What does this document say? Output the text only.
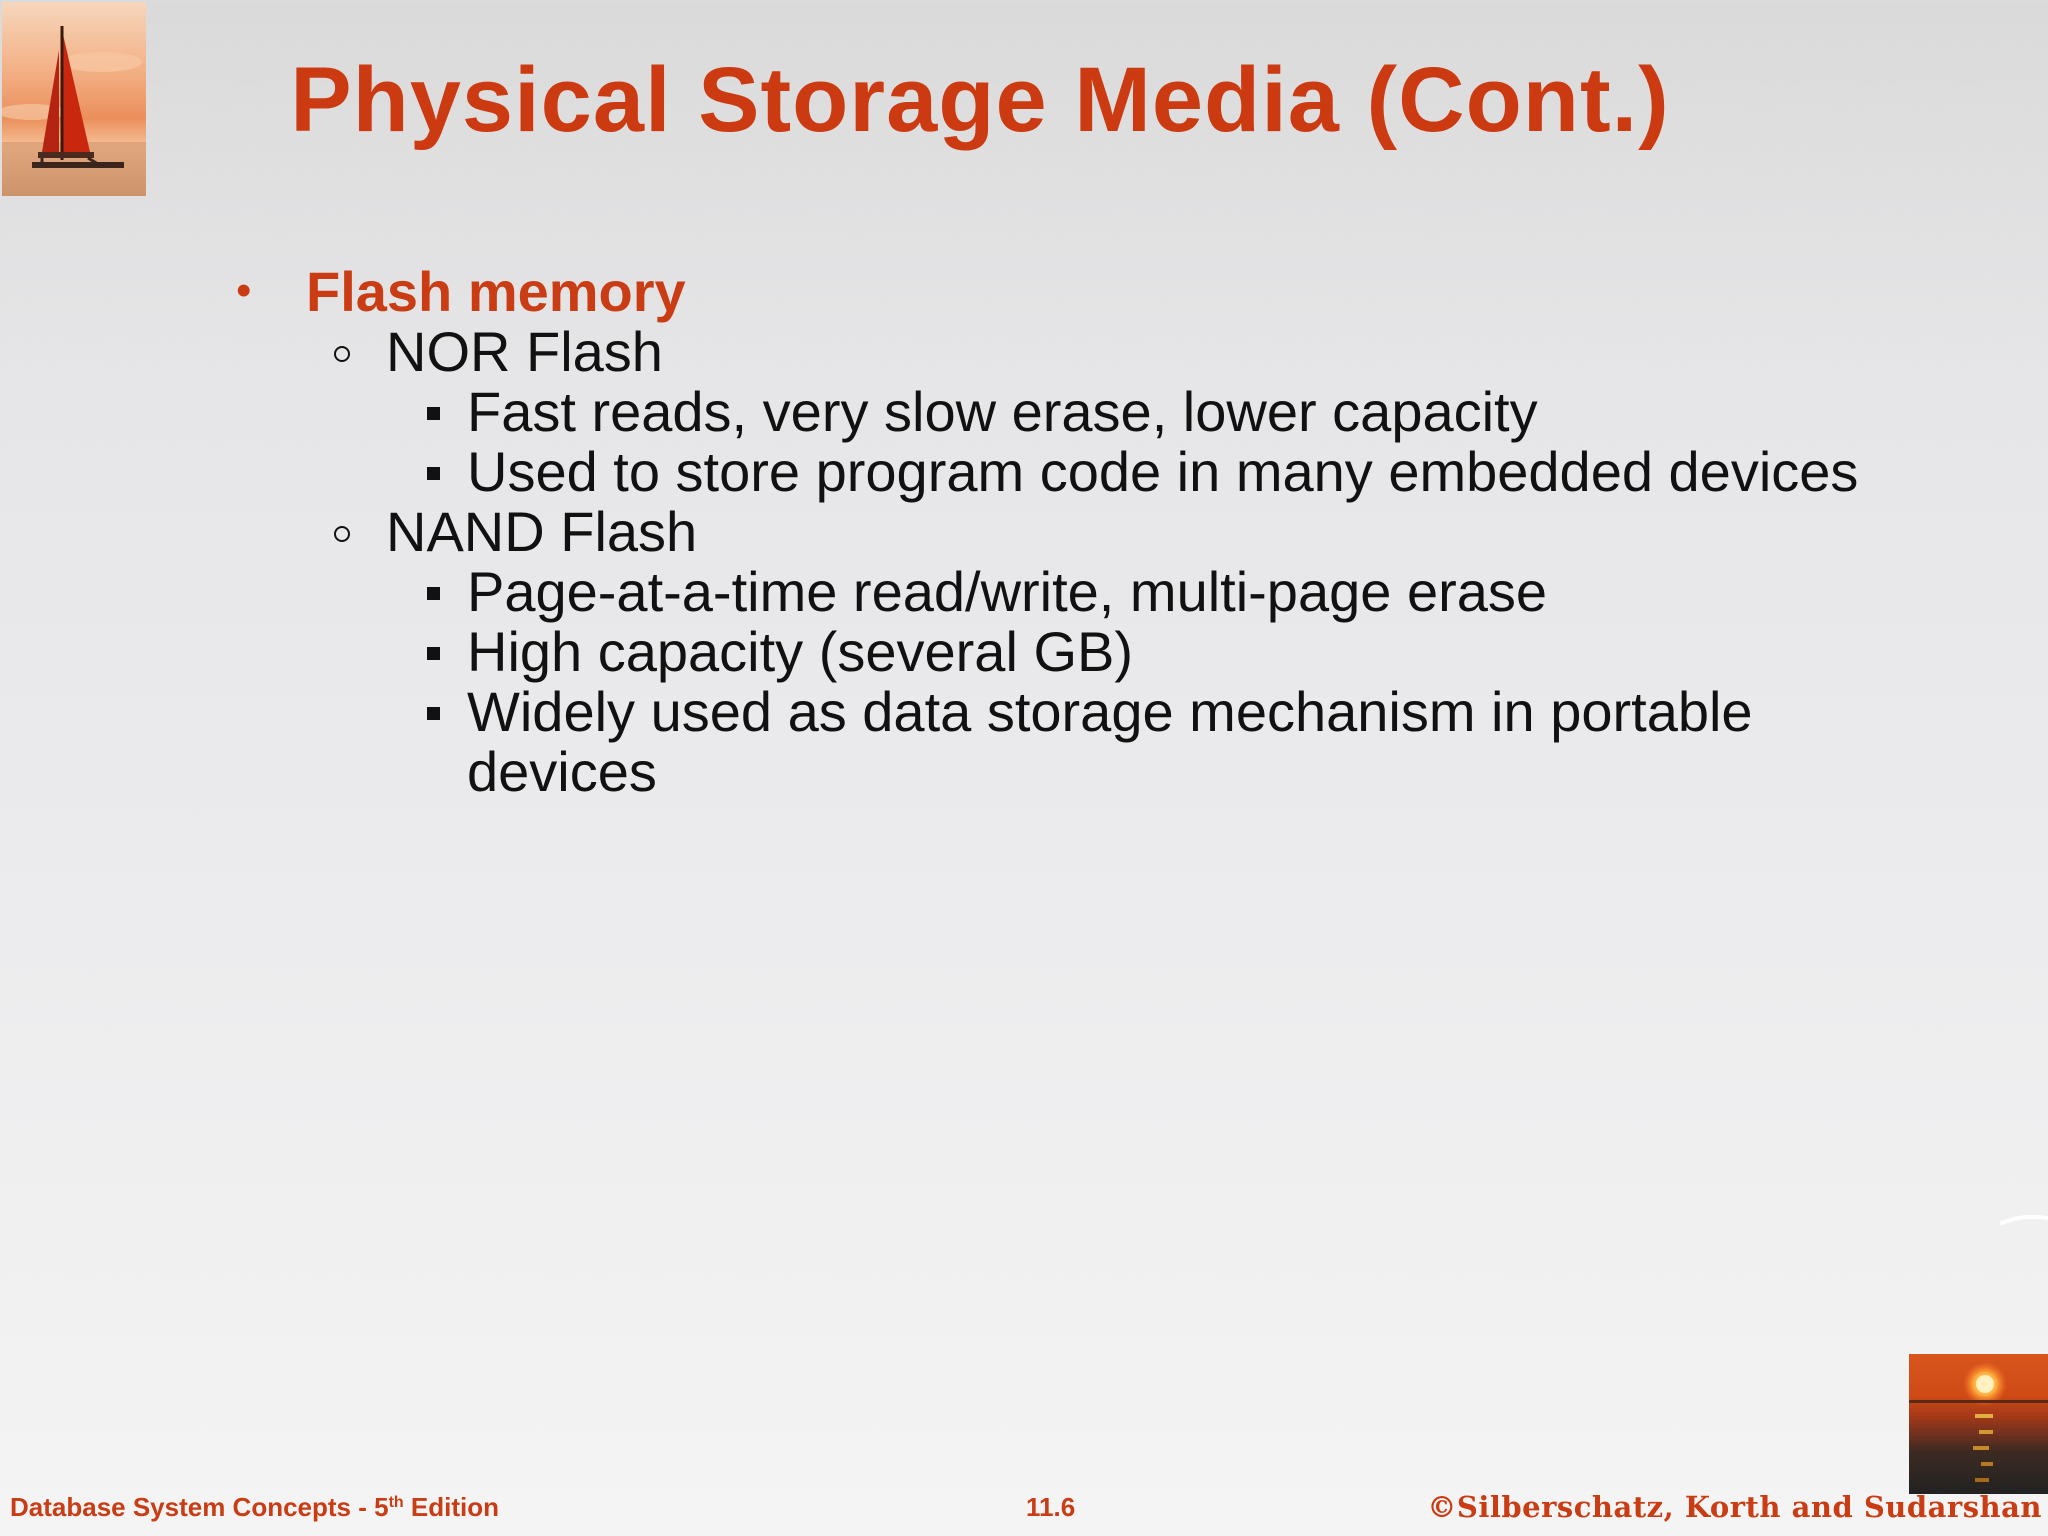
Physical Storage Media (Cont.)
• Flash memory
NOR Flash
Fast reads, very slow erase, lower capacity
Used to store program code in many embedded devices
NAND Flash
Page-at-a-time read/write, multi-page erase
High capacity (several GB)
Widely used as data storage mechanism in portable
devices
Database System Concepts - 5th Edition	11.6	©Silberschatz, Korth and Sudarshan
